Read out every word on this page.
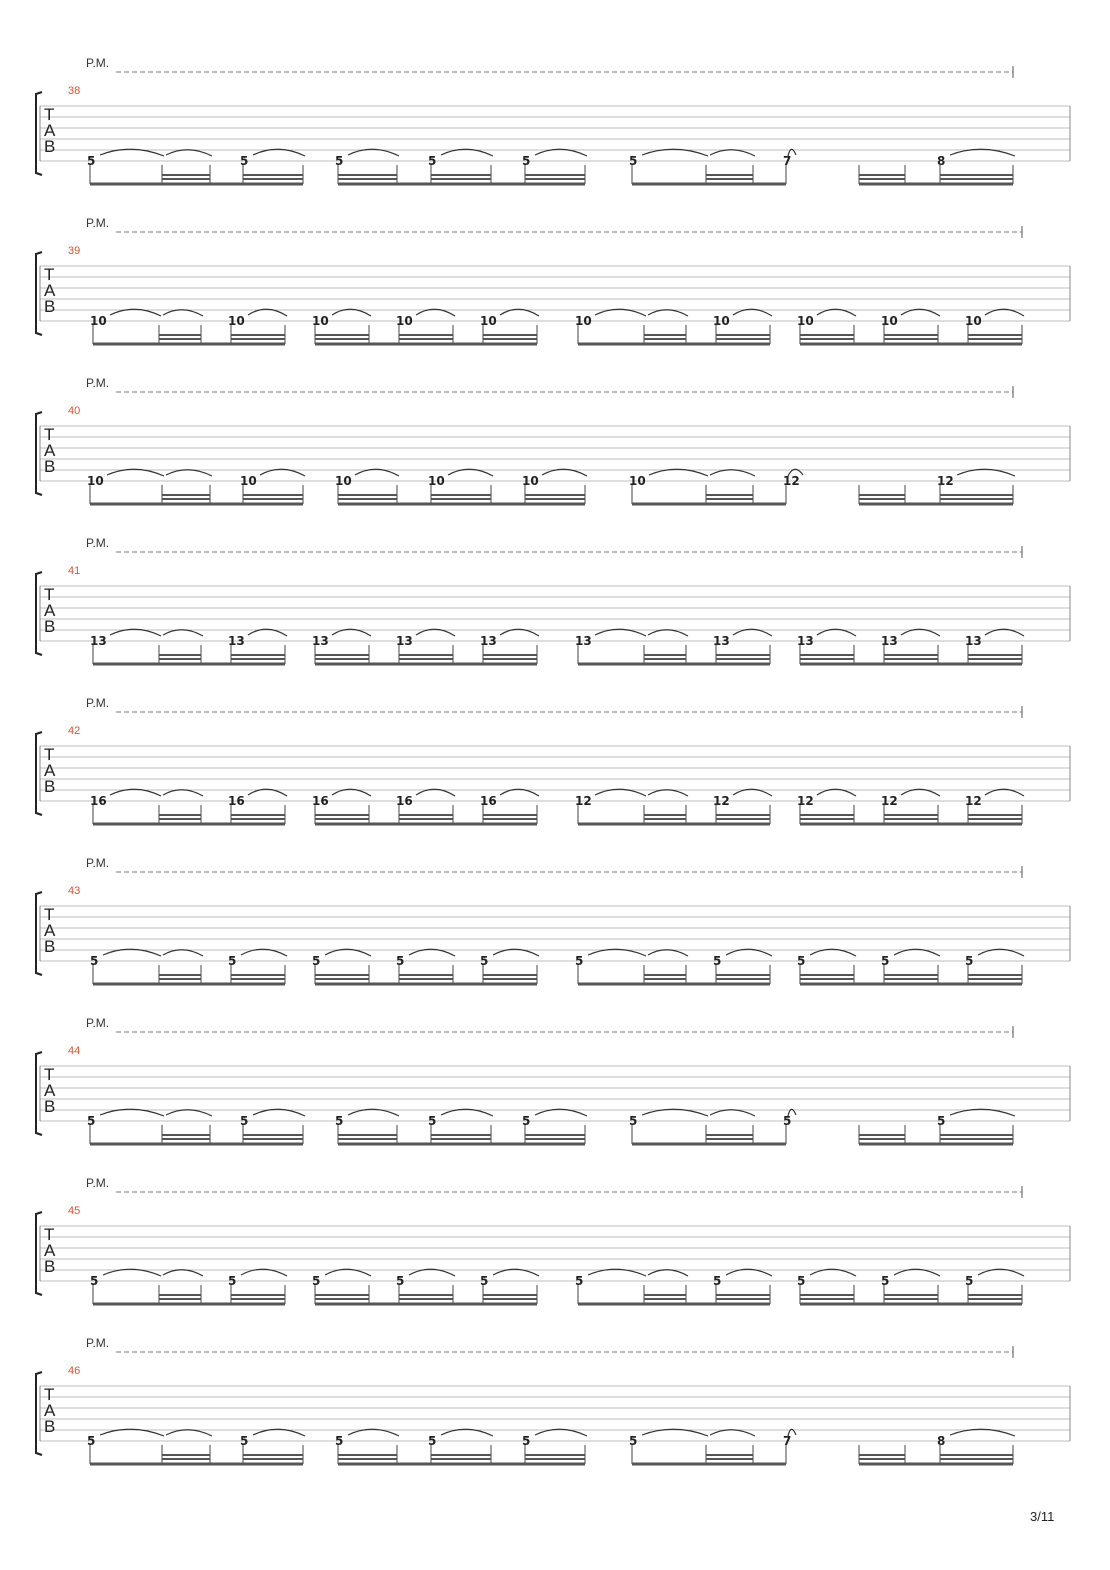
P.M.
38
T
A
B
5	5	5	5	5	5	7	8
P.M.
39
T
A
B
10	10	10	10	10	10	10	10	10	10
P.M.
40
T
A
B
10	10	10	10	10	10	12	12
P.M.
41
T
A
B
13	13	13	13	13	13	13	13	13	13
P.M.
42
T
A
B
16	16	16	16	16	12	12	12	12	12
P.M.
43
T
A
B
5	5	5	5	5	5	5	5	5	5
P.M.
44
T
A
B
5	5	5	5	5	5	5	5
P.M.
45
T
A
B
5	5	5	5	5	5	5	5	5	5
P.M.
46
T
A
B
5	5	5	5	5	5	7	8
3/11
